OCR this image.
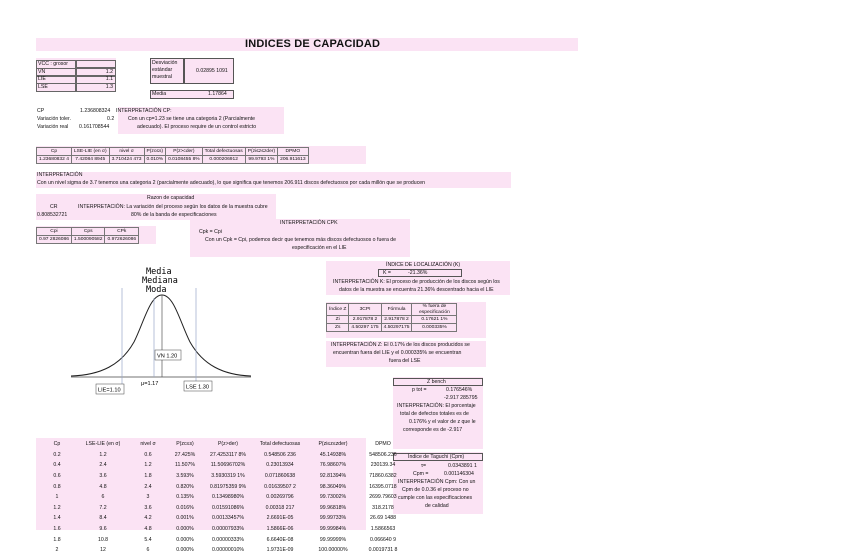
INDICES DE CAPACIDAD
VCC : grosor
VN	1.2
LIE	1.1
LSE	1.3
Desviación
estándar
muestral
0.02895 1091
Media	1.17864
CP	1.236808324 INTERPRETACIÓN CP:
Variación toler.	0.2
Variación real 0.161708544
Con un cp=1.23 se tiene una categoria 2 (Parcialmente
adecuado). El proceso require de un control estricto
Cp	LSE-LIE (en σ)	nivel σ	P(zc≤s)	P(z>cder)	Total defectuosas	P(zi≤z≤zder)	DPMO
1.23680832 4	7.42084 8945	3.710424 473	0.010%	0.0108455 8%	0.000206912	99.9793 1%	206.911613
INTERPRETACIÓN
Con un nivel sigma de 3.7 tenemos una categoria 2 (parcialmente adecuado), lo que significa que tenemos 206.911 discos defectuosos por cada millón que se producen
Razon de capacidad
CR	INTERPRETACIÓN: La variación del proceso según los datos de la muestra cubre
0.808532721	80% de la banda de especificaciones
Cpi	Cps	CPk
0.97 2826086	1.500090582	0.972626086
INTERPRETACIÓN CPK
Cpk = Cpi
Con un Cpk = Cpi, podemos decir que tenemos más discos defectuosos o fuera de
especificación en el LIE
ÍNDICE DE LOCALIZACIÓN (K)
K =	-21.36%
INTERPRETACIÓN K: El proceso de producción de los discos según los
datos de la muestra se encuentra 21.36% descentrado hacia el LIE
Índice Z	3CPI	Fórmula	% fuera de especificación
Zi	2.917878 2	2.917878 2	0.17621 1%
Zs	4.50297 175	4.50297175	0.000335%
INTERPRETACIÓN Z: El 0.17% de los discos producidos se
encuentran fuera del LIE y el 0.000335% se encuentran
fuera del LSE
Z bench
p tot =	0.176546%
-2.917 285795
INTERPRETACIÓN: El porcentaje
total de defectos totales es de
0.176% y el valor de z que le
corresponde es de -2.917
Índice de Taguchi (Cpm)
τ=	0.0343891 1
Cpm =	0.001146304
INTERPRETACIÓN Cpm: Con un
Cpm de 0.0.36 el proceso no
cumple con las especificaciones
de calidad
Media
Mediana
Moda
VN 1.20
μ=1.17
LIE=1.10	LSE 1.30
Cp	LSE-LIE (en σ)	nivel σ	P(zc≤s)	P(z>der)	Total defectuosas	P(zi≤z≤zder)	DPMO
0.2	1.2	0.6	27.425%	27.4253117 8%	0.548506 236	45.14938%	548506.236
0.4	2.4	1.2	11.507%	11.50696702%	0.23013934	76.98607%	230139.34
0.6	3.6	1.8	3.593%	3.5930319 1%	0.071860638	92.81394%	71860.6382
0.8	4.8	2.4	0.820%	0.81975359 9%	0.01639507 2	98.36049%	16395.0718
1	6	3	0.135%	0.13498980%	0.00269796	99.73002%	2699.79603
1.2	7.2	3.6	0.016%	0.01591086%	0.00318 217	99.96818%	318.2178
1.4	8.4	4.2	0.001%	0.00133457%	2.6691E-05	99.99733%	26.69 1488
1.6	9.6	4.8	0.000%	0.00007933%	1.5866E-06	99.99984%	1.5866563
1.8	10.8	5.4	0.000%	0.00000333%	6.6640E-08	99.99999%	0.066640 9
2	12	6	0.000%	0.00000010%	1.9731E-09	100.00000%	0.0019731 8
